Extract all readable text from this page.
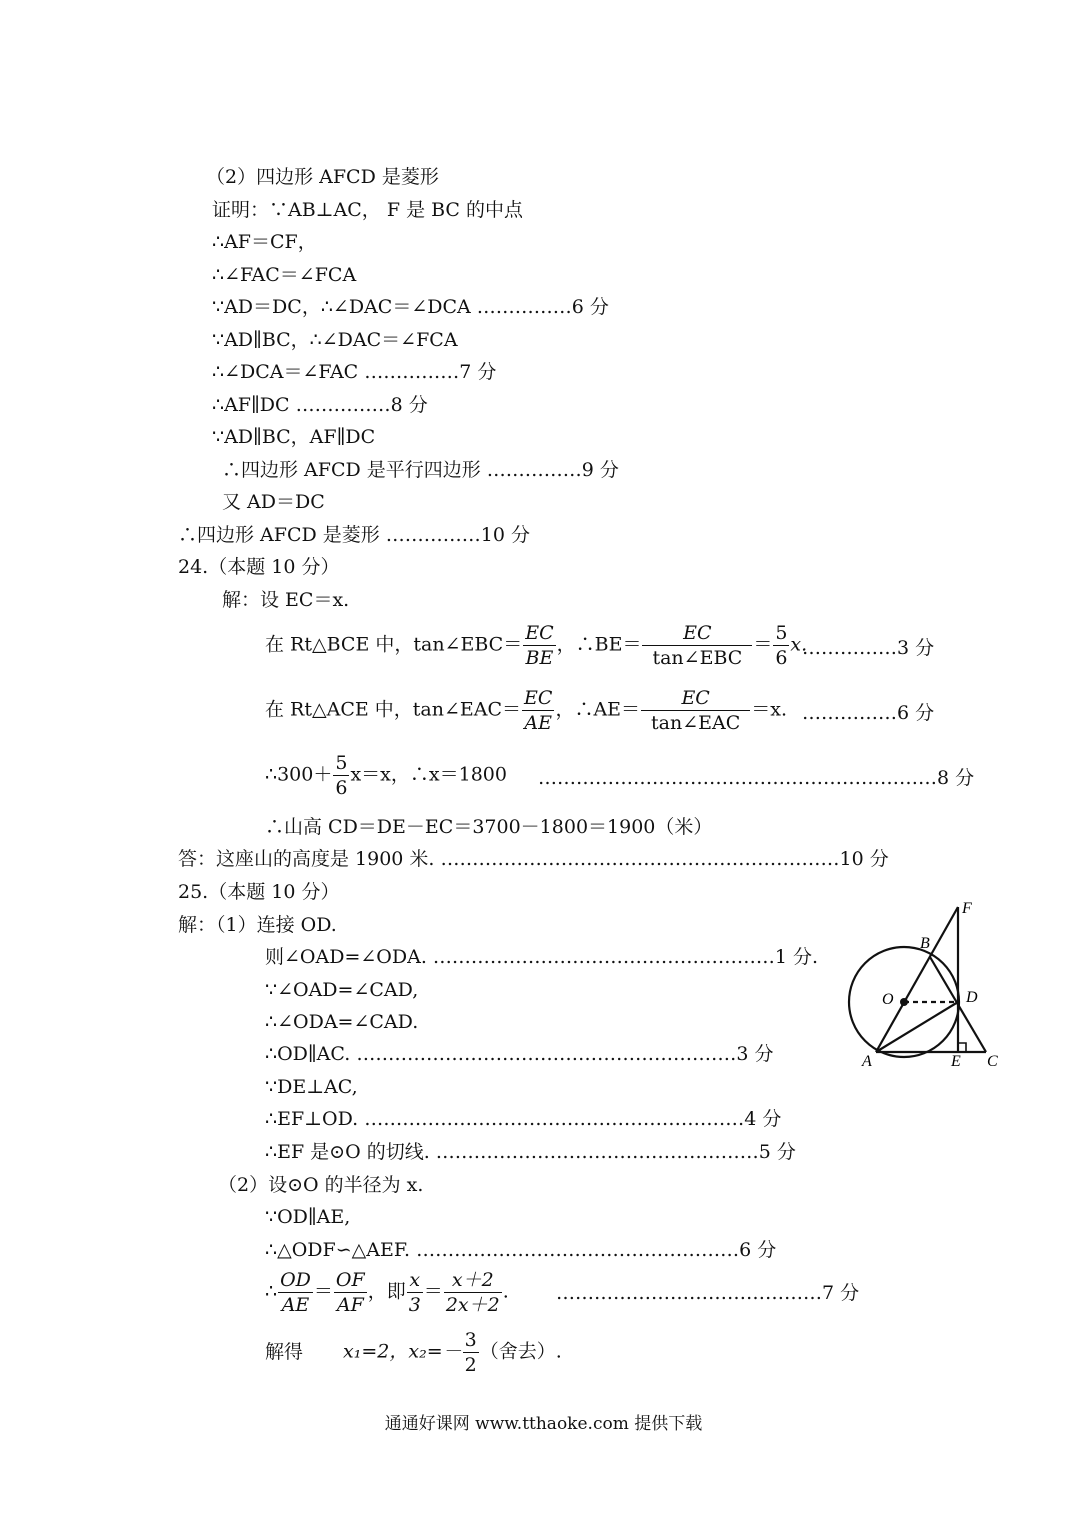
（2）四边形 AFCD 是菱形
证明：∵AB⊥AC， F 是 BC 的中点
∴AF＝CF，
∴∠FAC＝∠FCA
∵AD＝DC，∴∠DAC＝∠DCA ……………6 分
∵AD∥BC，∴∠DAC＝∠FCA
∴∠DCA＝∠FAC ……………7 分
∴AF∥DC ……………8 分
∵AD∥BC，AF∥DC
∴四边形 AFCD 是平行四边形 ……………9 分
又 AD＝DC
∴四边形 AFCD 是菱形 ……………10 分
24.（本题 10 分）
解：设 EC＝x.
在 Rt△BCE 中，tan∠EBC＝ $\frac{EC}{BE}$ ，∴BE＝ $\frac{EC}{\text{tan∠EBC}} = \frac{5}{6} x$.
……………3 分
在 Rt△ACE 中，tan∠EAC＝ $\frac{EC}{AE}$ ，∴AE＝ $\frac{EC}{\text{tan∠EAC}} =x$. ……………6 分
∴300＋ $\frac{5}{6} x=x$，∴x＝1800 ………………………………………………………8 分
∴山高 CD＝DE－EC＝3700－1800＝1900（米）
答：这座山的高度是 1900 米. ………………………………………………………10 分
25.（本题 10 分）
解：（1）连接 OD.
则∠OAD=∠ODA. ………………………………………………1 分.
∵∠OAD=∠CAD,
∴∠ODA=∠CAD.
∴OD∥AC. ……………………………………………………3 分
∵DE⊥AC,
∴EF⊥OD. ……………………………………………………4 分
∴EF 是⊙O 的切线. ……………………………………………5 分
（2）设⊙O 的半径为 x.
∵OD∥AE,
∴△ODF∽△AEF. ……………………………………………6 分
∴ $\frac{OD}{AE} = \frac{OF}{AF}$ ，即 $\frac{x}{3} = \frac{x+2}{2x+2}$ . ……………………………………7 分
解得 x₁=2，$x_2=- \frac{3}{2}$ （舍去）.
F
B
O	D
A	E C
通通好课网 www.tthaoke.com 提供下载
